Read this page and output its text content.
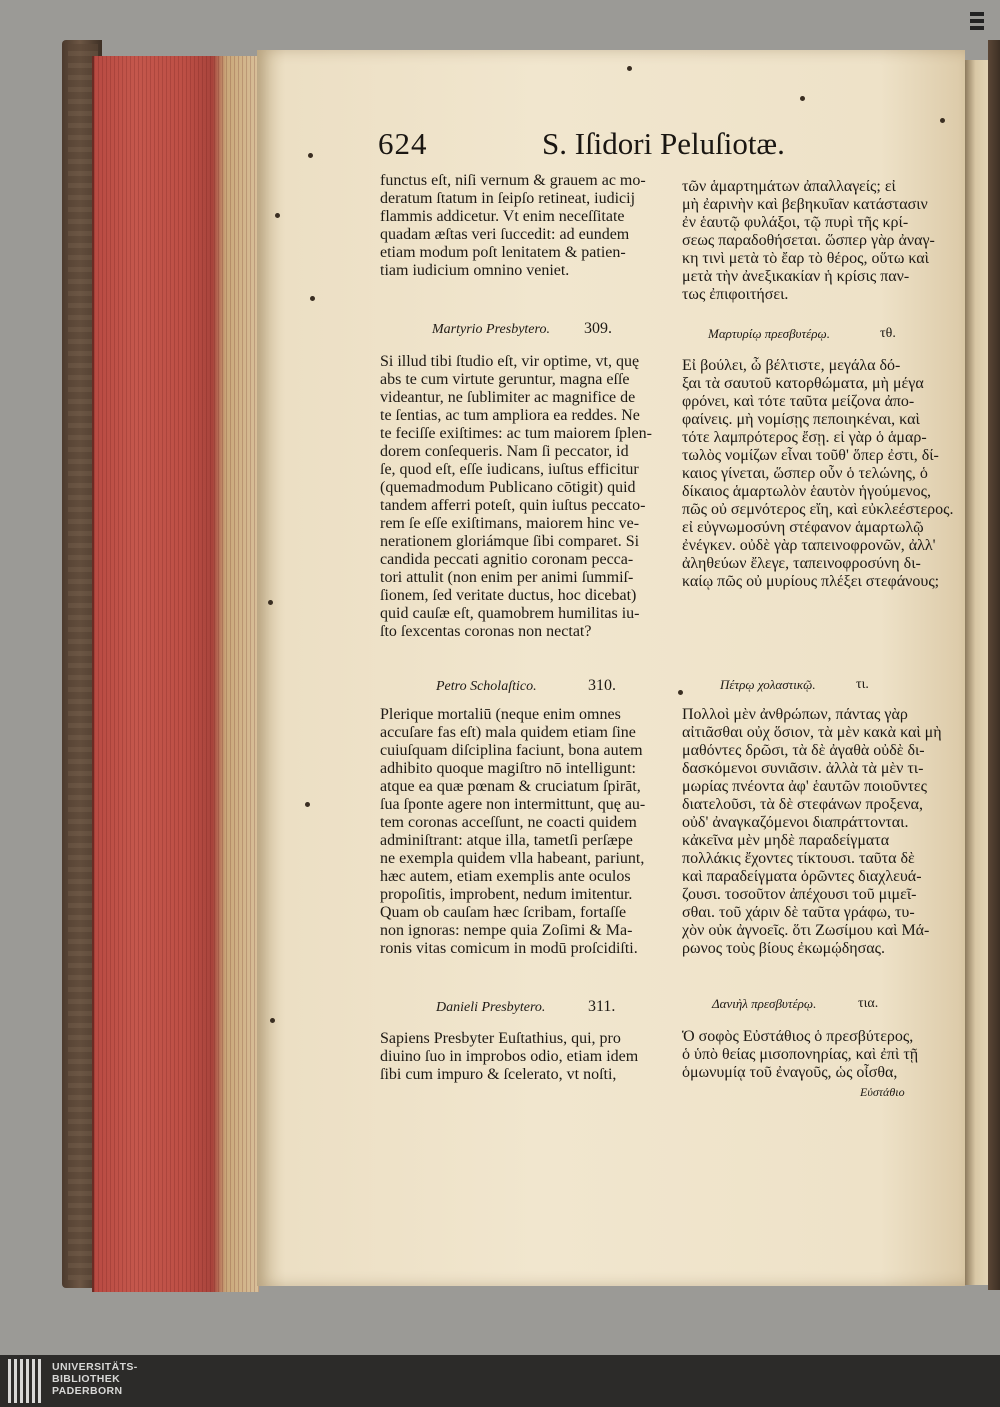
624	S. Iſidori Peluſiotæ.
functus eſt, niſi vernum & grauem ac mo-
deratum ſtatum in ſeipſo retineat, iudicij
flammis addicetur. Vt enim neceſſitate
quadam æſtas veri ſuccedit: ad eundem
etiam modum poſt lenitatem & patien-
tiam iudicium omnino veniet.
Martyrio Presbytero. 309.
Si illud tibi ſtudio eſt, vir optime, vt, quę
abs te cum virtute geruntur, magna eſſe
videantur, ne ſublimiter ac magnifice de
te ſentias, ac tum ampliora ea reddes. Ne
te feciſſe exiſtimes: ac tum maiorem ſplen-
dorem conſequeris. Nam ſi peccator, id
ſe, quod eſt, eſſe iudicans, iuſtus efficitur
(quemadmodum Publicano cōtigit) quid
tandem afferri poteſt, quin iuſtus peccato-
rem ſe eſſe exiſtimans, maiorem hinc ve-
nerationem gloriámque ſibi comparet. Si
candida peccati agnitio coronam pecca-
tori attulit (non enim per animi ſummiſ-
ſionem, ſed veritate ductus, hoc dicebat)
quid cauſæ eſt, quamobrem humilitas iu-
ſto ſexcentas coronas non nectat?
Petro Scholaſtico.	310.
Plerique mortaliū (neque enim omnes
accuſare fas eſt) mala quidem etiam ſine
cuiuſquam diſciplina faciunt, bona autem
adhibito quoque magiſtro nō intelligunt:
atque ea quæ pœnam & cruciatum ſpirāt,
ſua ſponte agere non intermittunt, quę au-
tem coronas acceſſunt, ne coacti quidem
adminiſtrant: atque illa, tametſi perſæpe
ne exempla quidem vlla habeant, pariunt,
hæc autem, etiam exemplis ante oculos
propoſitis, improbent, nedum imitentur.
Quam ob cauſam hæc ſcribam, fortaſſe
non ignoras: nempe quia Zoſimi & Ma-
ronis vitas comicum in modū proſcidiſti.
Danieli Presbytero.	311.
Sapiens Presbyter Euſtathius, qui, pro
diuino ſuo in improbos odio, etiam idem
ſibi cum impuro & ſcelerato, vt noſti,
τῶν ἁμαρτημάτων ἀπαλλαγείς; εἰ
μὴ ἐαρινὴν καὶ βεβηκυῖαν κατάστασιν
ἐν ἑαυτῷ φυλάξοι, τῷ πυρὶ τῆς κρί-
σεως παραδοθήσεται. ὥσπερ γὰρ ἀναγ-
κη τινὶ μετὰ τὸ ἔαρ τὸ θέρος, οὕτω καὶ
μετὰ τὴν ἀνεξικακίαν ἡ κρίσις παν-
τως ἐπιφοιτήσει.
Μαρτυρίῳ πρεσβυτέρῳ.	τθ.
Εἰ βούλει, ὦ βέλτιστε, μεγάλα δό-
ξαι τὰ σαυτοῦ κατορθώματα, μὴ μέγα
φρόνει, καὶ τότε ταῦτα μείζονα ἀπο-
φαίνεις. μὴ νομίσῃς πεποιηκέναι, καὶ
τότε λαμπρότερος ἔσῃ. εἰ γὰρ ὁ ἁμαρ-
τωλὸς νομίζων εἶναι τοῦθ' ὅπερ ἐστι, δί-
καιος γίνεται, ὥσπερ οὖν ὁ τελώνης, ὁ
δίκαιος ἁμαρτωλὸν ἑαυτὸν ἡγούμενος,
πῶς οὐ σεμνότερος εἴη, καὶ εὐκλεέστερος.
εἰ εὐγνωμοσύνη στέφανον ἁμαρτωλῷ
ἐνέγκεν. οὐδὲ γὰρ ταπεινοφρονῶν, ἀλλ'
ἀληθεύων ἔλεγε, ταπεινοφροσύνη δι-
καίῳ πῶς οὐ μυρίους πλέξει στεφάνους;
Πέτρῳ χολαστικῷ.	τι.
Πολλοὶ μὲν ἀνθρώπων, πάντας γὰρ
αἰτιᾶσθαι οὐχ ὅσιον, τὰ μὲν κακὰ καὶ μὴ
μαθόντες δρῶσι, τὰ δὲ ἀγαθὰ οὐδὲ δι-
δασκόμενοι συνιᾶσιν. ἀλλὰ τὰ μὲν τι-
μωρίας πνέοντα ἀφ' ἑαυτῶν ποιοῦντες
διατελοῦσι, τὰ δὲ στεφάνων προξενα,
οὐδ' ἀναγκαζόμενοι διαπράττονται.
κἀκεῖνα μὲν μηδὲ παραδείγματα
πολλάκις ἔχοντες τίκτουσι. ταῦτα δὲ
καὶ παραδείγματα ὁρῶντες διαχλευά-
ζουσι. τοσοῦτον ἀπέχουσι τοῦ μιμεῖ-
σθαι. τοῦ χάριν δὲ ταῦτα γράφω, τυ-
χὸν οὐκ ἀγνοεῖς. ὅτι Ζωσίμου καὶ Μά-
ρωνος τοὺς βίους ἐκωμῴδησας.
Δανιὴλ πρεσβυτέρῳ.	τια.
Ὁ σοφὸς Εὐστάθιος ὁ πρεσβύτερος,
ὁ ὑπὸ θείας μισοπονηρίας, καὶ ἐπὶ τῇ
ὁμωνυμίᾳ τοῦ ἐναγοῦς, ὡς οἶσθα,
Εὐστάθιο
UNIVERSITÄTS-
BIBLIOTHEK
PADERBORN
